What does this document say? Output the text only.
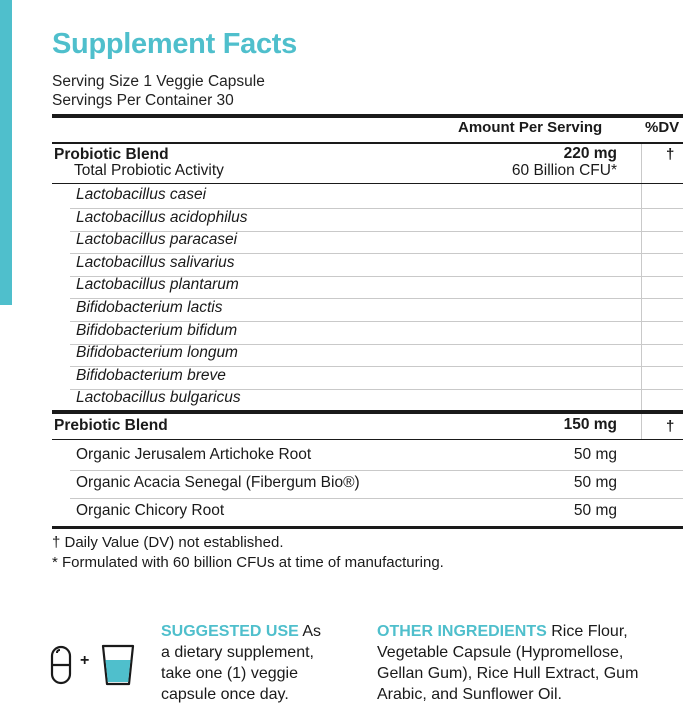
Supplement Facts
Serving Size 1 Veggie Capsule
Servings Per Container 30
Amount Per Serving	%DV
Probiotic Blend	220 mg	†
Total Probiotic Activity	60 Billion CFU*
Lactobacillus casei
Lactobacillus acidophilus
Lactobacillus paracasei
Lactobacillus salivarius
Lactobacillus plantarum
Bifidobacterium lactis
Bifidobacterium bifidum
Bifidobacterium longum
Bifidobacterium breve
Lactobacillus bulgaricus
Prebiotic Blend	150 mg	†
Organic Jerusalem Artichoke Root	50 mg
Organic Acacia Senegal (Fibergum Bio®)	50 mg
Organic Chicory Root	50 mg
† Daily Value (DV) not established.
* Formulated with 60 billion CFUs at time of manufacturing.
+
SUGGESTED USE As
a dietary supplement,
take one (1) veggie
capsule once day.
OTHER INGREDIENTS Rice Flour,
Vegetable Capsule (Hypromellose,
Gellan Gum), Rice Hull Extract, Gum
Arabic, and Sunflower Oil.
